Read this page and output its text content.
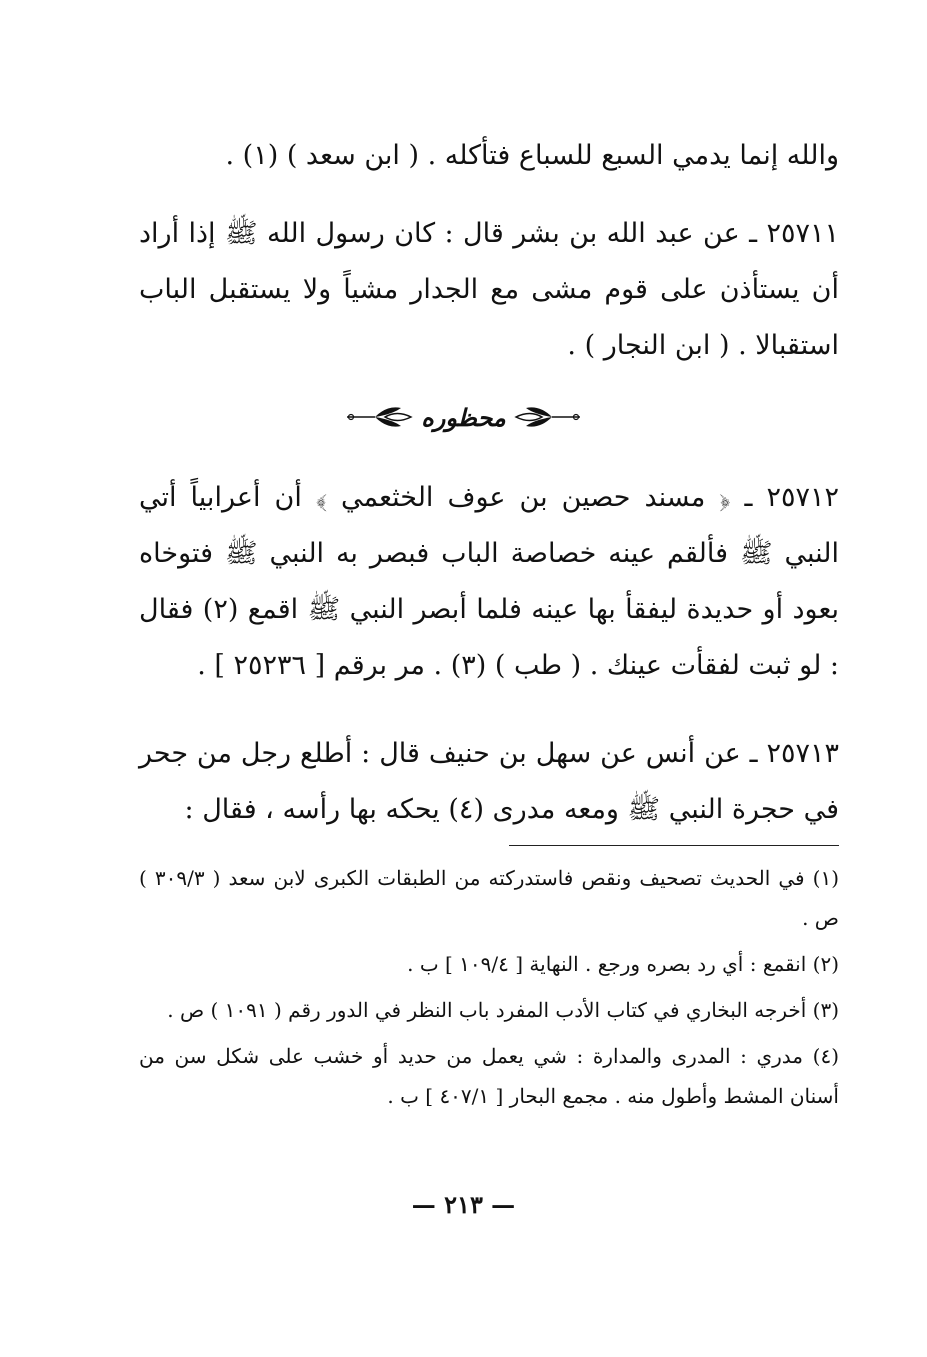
والله إنما يدمي السبع للسباع فتأكله . ( ابن سعد ) (١) .

٢٥٧١١ ـ عن عبد الله بن بشر قال : كان رسول الله ﷺ إذا أراد أن يستأذن على قوم مشى مع الجدار مشياً ولا يستقبل الباب استقبالا . ( ابن النجار ) .

محظوره

٢٥٧١٢ ـ ﴿ مسند حصين بن عوف الخثعمي ﴾ أن أعرابياً أتي النبي ﷺ فألقم عينه خصاصة الباب فبصر به النبي ﷺ فتوخاه بعود أو حديدة ليفقأ بها عينه فلما أبصر النبي ﷺ اقمع (٢) فقال : لو ثبت لفقأت عينك . ( طب ) (٣) . مر برقم [ ٢٥٢٣٦ ] .

٢٥٧١٣ ـ عن أنس عن سهل بن حنيف قال : أطلع رجل من جحر في حجرة النبي ﷺ ومعه مدرى (٤) يحكه بها رأسه ، فقال :

(١) في الحديث تصحيف ونقص فاستدركته من الطبقات الكبرى لابن سعد ( ٣٠٩/٣ ) ص .

(٢) انقمع : أي رد بصره ورجع . النهاية [ ١٠٩/٤ ] ب .

(٣) أخرجه البخاري في كتاب الأدب المفرد باب النظر في الدور رقم ( ١٠٩١ ) ص .

(٤) مدري : المدرى والمدارة : شي يعمل من حديد أو خشب على شكل سن من أسنان المشط وأطول منه . مجمع البحار [ ٤٠٧/١ ] ب .

— ٢١٣ —
